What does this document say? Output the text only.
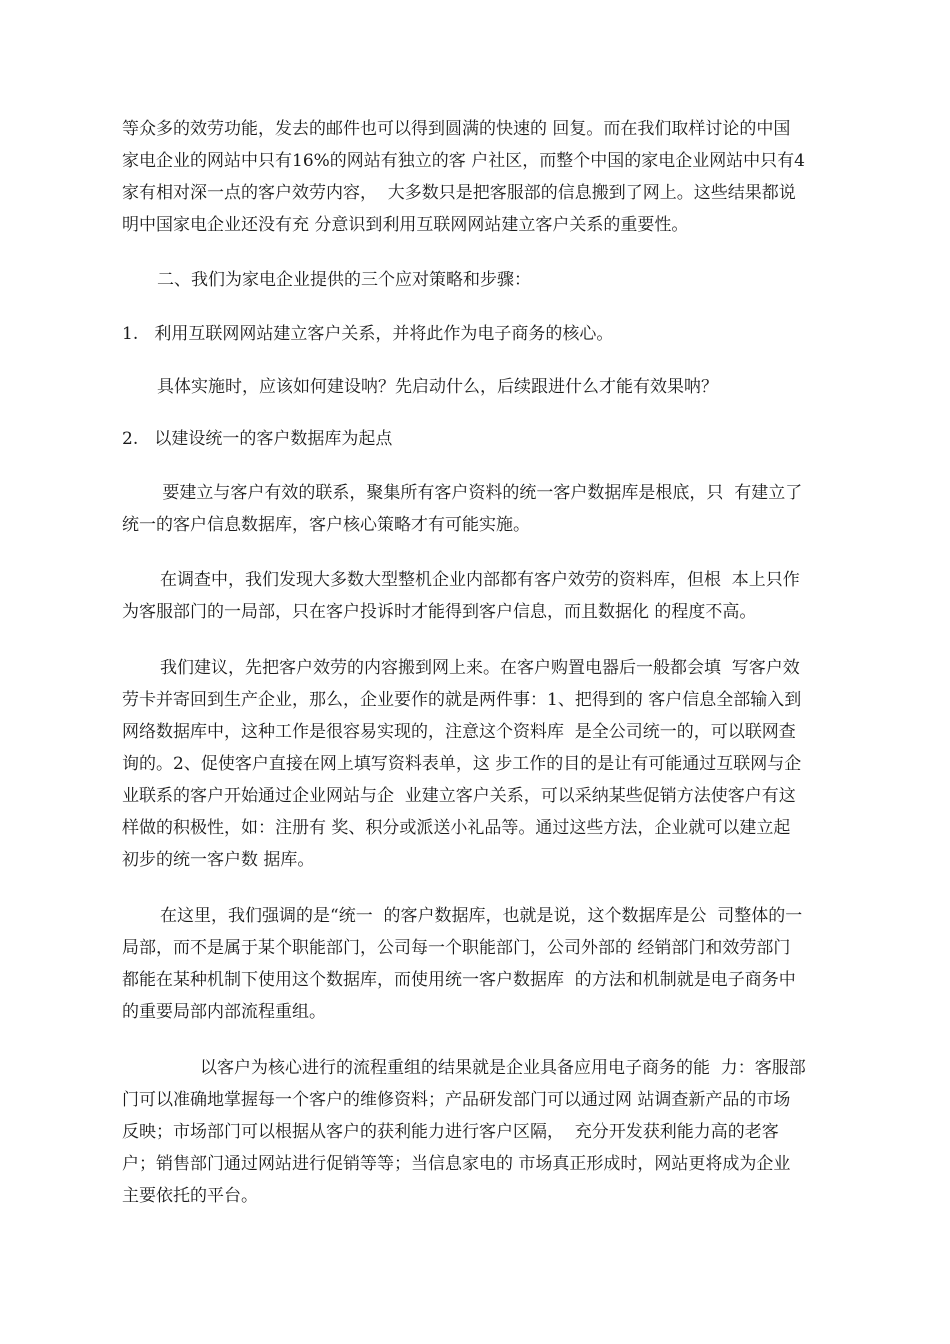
等众多的效劳功能，发去的邮件也可以得到圆满的快速的 回复。而在我们取样讨论的中国
家电企业的网站中只有16%的网站有独立的客 户社区，而整个中国的家电企业网站中只有4
家有相对深一点的客户效劳内容，  大多数只是把客服部的信息搬到了网上。这些结果都说
明中国家电企业还没有充 分意识到利用互联网网站建立客户关系的重要性。
二、我们为家电企业提供的三个应对策略和步骤：
1.   利用互联网网站建立客户关系，并将此作为电子商务的核心。
具体实施时，应该如何建设呐？先启动什么，后续跟进什么才能有效果呐？
2.   以建设统一的客户数据库为起点
要建立与客户有效的联系，聚集所有客户资料的统一客户数据库是根底，只  有建立了
统一的客户信息数据库，客户核心策略才有可能实施。
在调查中，我们发现大多数大型整机企业内部都有客户效劳的资料库，但根  本上只作
为客服部门的一局部，只在客户投诉时才能得到客户信息，而且数据化 的程度不高。
我们建议，先把客户效劳的内容搬到网上来。在客户购置电器后一般都会填  写客户效
劳卡并寄回到生产企业，那么，企业要作的就是两件事：1、把得到的 客户信息全部输入到
网络数据库中，这种工作是很容易实现的，注意这个资料库  是全公司统一的，可以联网查
询的。2、促使客户直接在网上填写资料表单，这 步工作的目的是让有可能通过互联网与企
业联系的客户开始通过企业网站与企  业建立客户关系，可以采纳某些促销方法使客户有这
样做的积极性，如：注册有 奖、积分或派送小礼品等。通过这些方法，企业就可以建立起
初步的统一客户数 据库。
在这里，我们强调的是“统一  的客户数据库，也就是说，这个数据库是公  司整体的一
局部，而不是属于某个职能部门，公司每一个职能部门，公司外部的 经销部门和效劳部门
都能在某种机制下使用这个数据库，而使用统一客户数据库  的方法和机制就是电子商务中
的重要局部内部流程重组。
以客户为核心进行的流程重组的结果就是企业具备应用电子商务的能  力：客服部
门可以准确地掌握每一个客户的维修资料；产品研发部门可以通过网 站调查新产品的市场
反映；市场部门可以根据从客户的获利能力进行客户区隔，  充分开发获利能力高的老客
户；销售部门通过网站进行促销等等；当信息家电的 市场真正形成时，网站更将成为企业
主要依托的平台。
